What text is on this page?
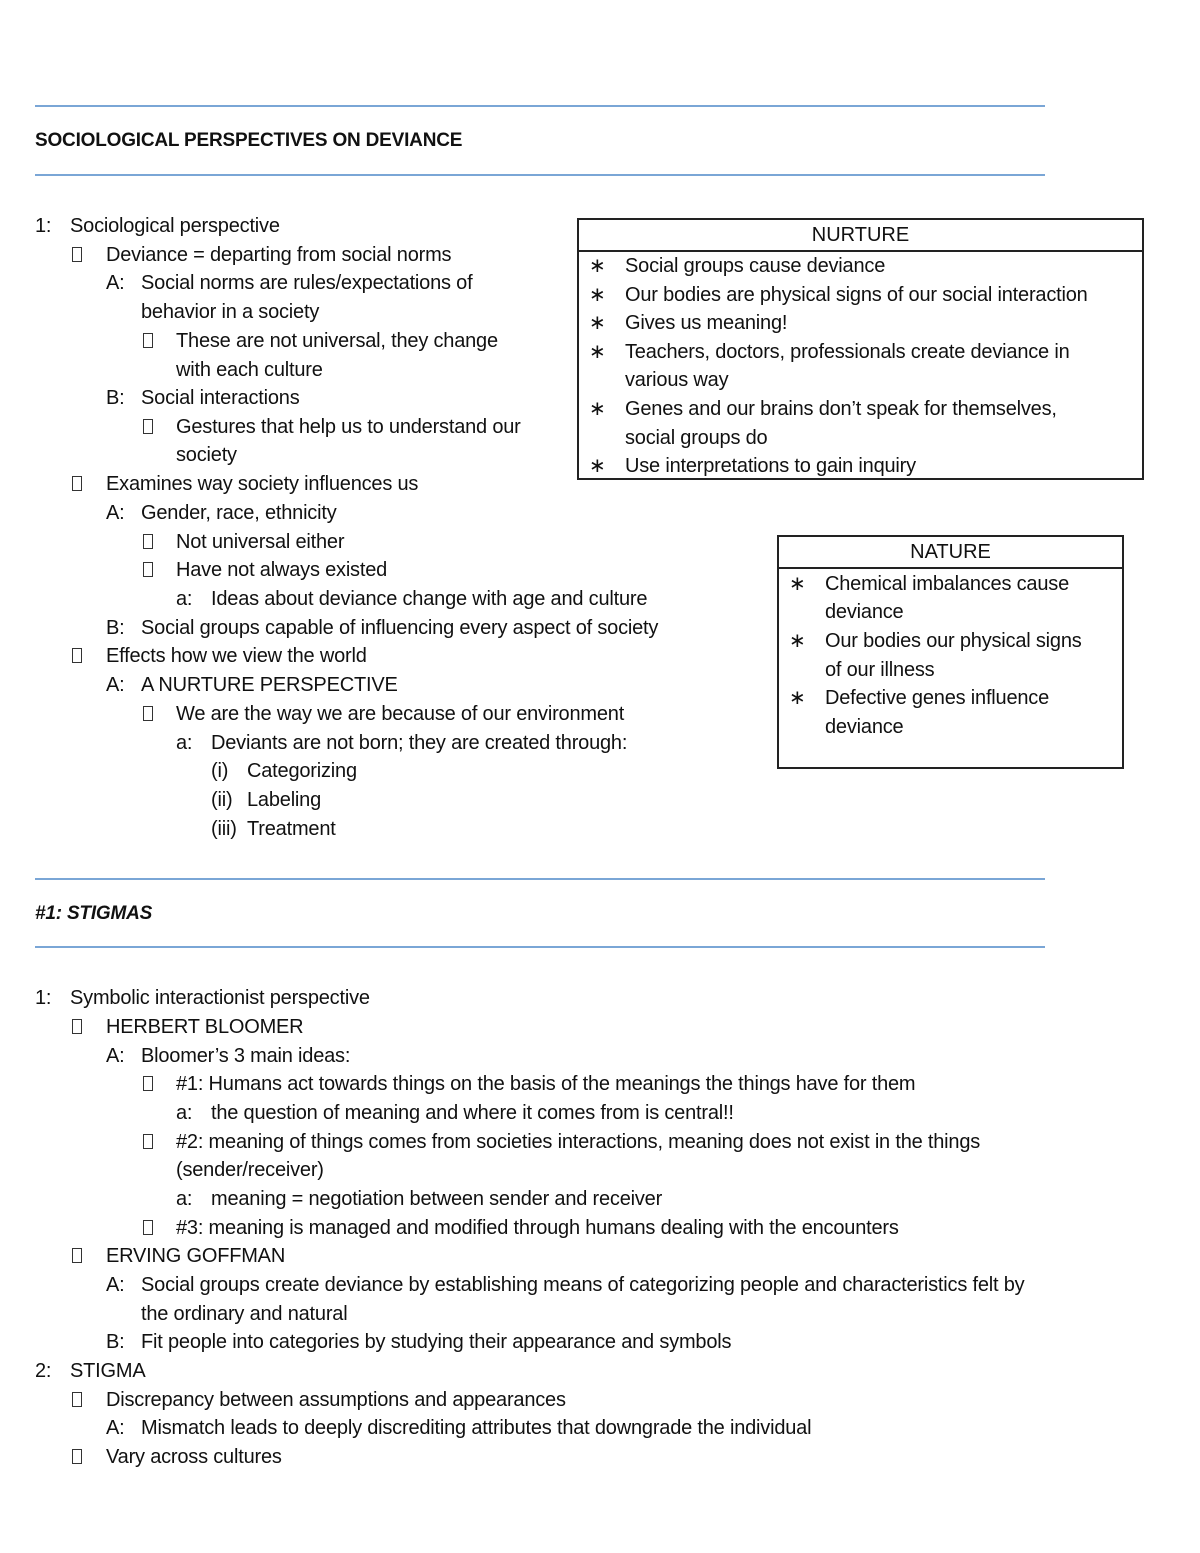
SOCIOLOGICAL PERSPECTIVES ON DEVIANCE
1: Sociological perspective
Deviance = departing from social norms
A: Social norms are rules/expectations of
behavior in a society
These are not universal, they change
with each culture
B: Social interactions
Gestures that help us to understand our
society
Examines way society influences us
A: Gender, race, ethnicity
Not universal either
Have not always existed
a: Ideas about deviance change with age and culture
B: Social groups capable of influencing every aspect of society
Effects how we view the world
A: A NURTURE PERSPECTIVE
We are the way we are because of our environment
a: Deviants are not born; they are created through:
(i) Categorizing
(ii) Labeling
(iii) Treatment
NURTURE
∗ Social groups cause deviance
∗ Our bodies are physical signs of our social interaction
∗ Gives us meaning!
∗ Teachers, doctors, professionals create deviance in
various way
∗ Genes and our brains don’t speak for themselves,
social groups do
∗ Use interpretations to gain inquiry
NATURE
∗ Chemical imbalances cause
deviance
∗ Our bodies our physical signs
of our illness
∗ Defective genes influence
deviance
#1: STIGMAS
1: Symbolic interactionist perspective
HERBERT BLOOMER
A: Bloomer’s 3 main ideas:
#1: Humans act towards things on the basis of the meanings the things have for them
a: the question of meaning and where it comes from is central!!
#2: meaning of things comes from societies interactions, meaning does not exist in the things
(sender/receiver)
a: meaning = negotiation between sender and receiver
#3: meaning is managed and modified through humans dealing with the encounters
ERVING GOFFMAN
A: Social groups create deviance by establishing means of categorizing people and characteristics felt by
the ordinary and natural
B: Fit people into categories by studying their appearance and symbols
2: STIGMA
Discrepancy between assumptions and appearances
A: Mismatch leads to deeply discrediting attributes that downgrade the individual
Vary across cultures
